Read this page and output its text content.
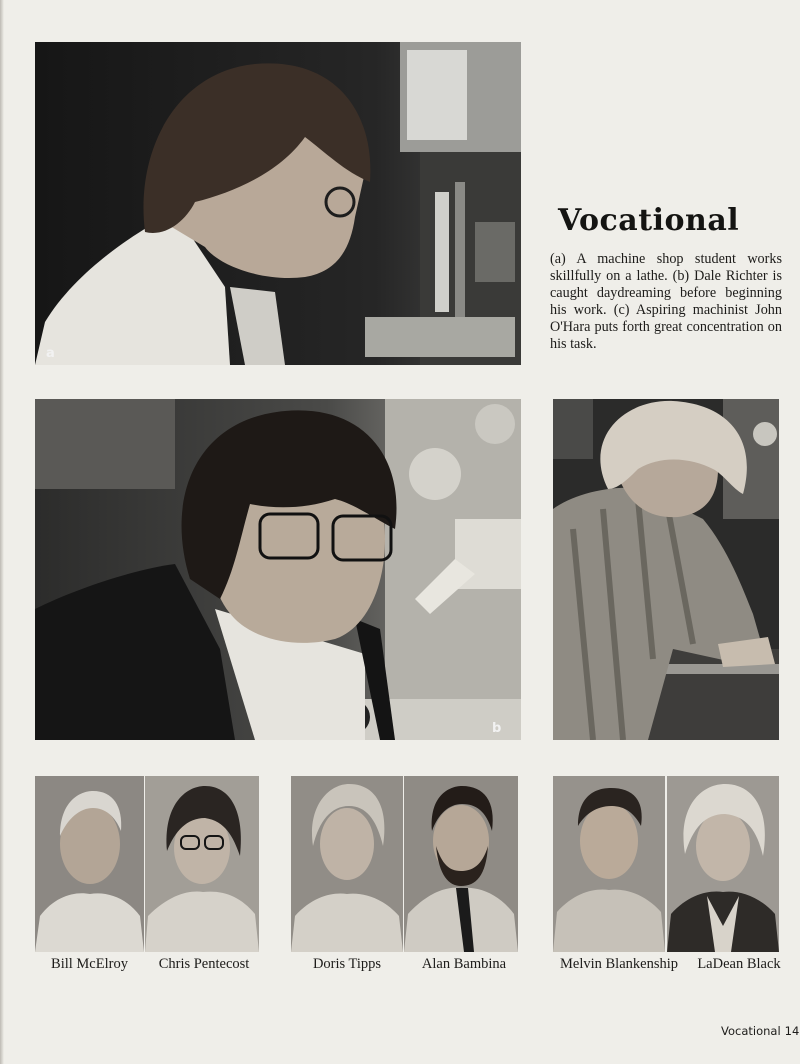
a
Vocational
(a) A machine shop student works skillfully on a lathe. (b) Dale Richter is caught daydreaming before beginning his work. (c) Aspiring machinist John O'Hara puts forth great concentration on his task.
b
Bill McElroy	Chris Pentecost	Doris Tipps	Alan Bambina	Melvin Blankenship	LaDean Black
Vocational 14
